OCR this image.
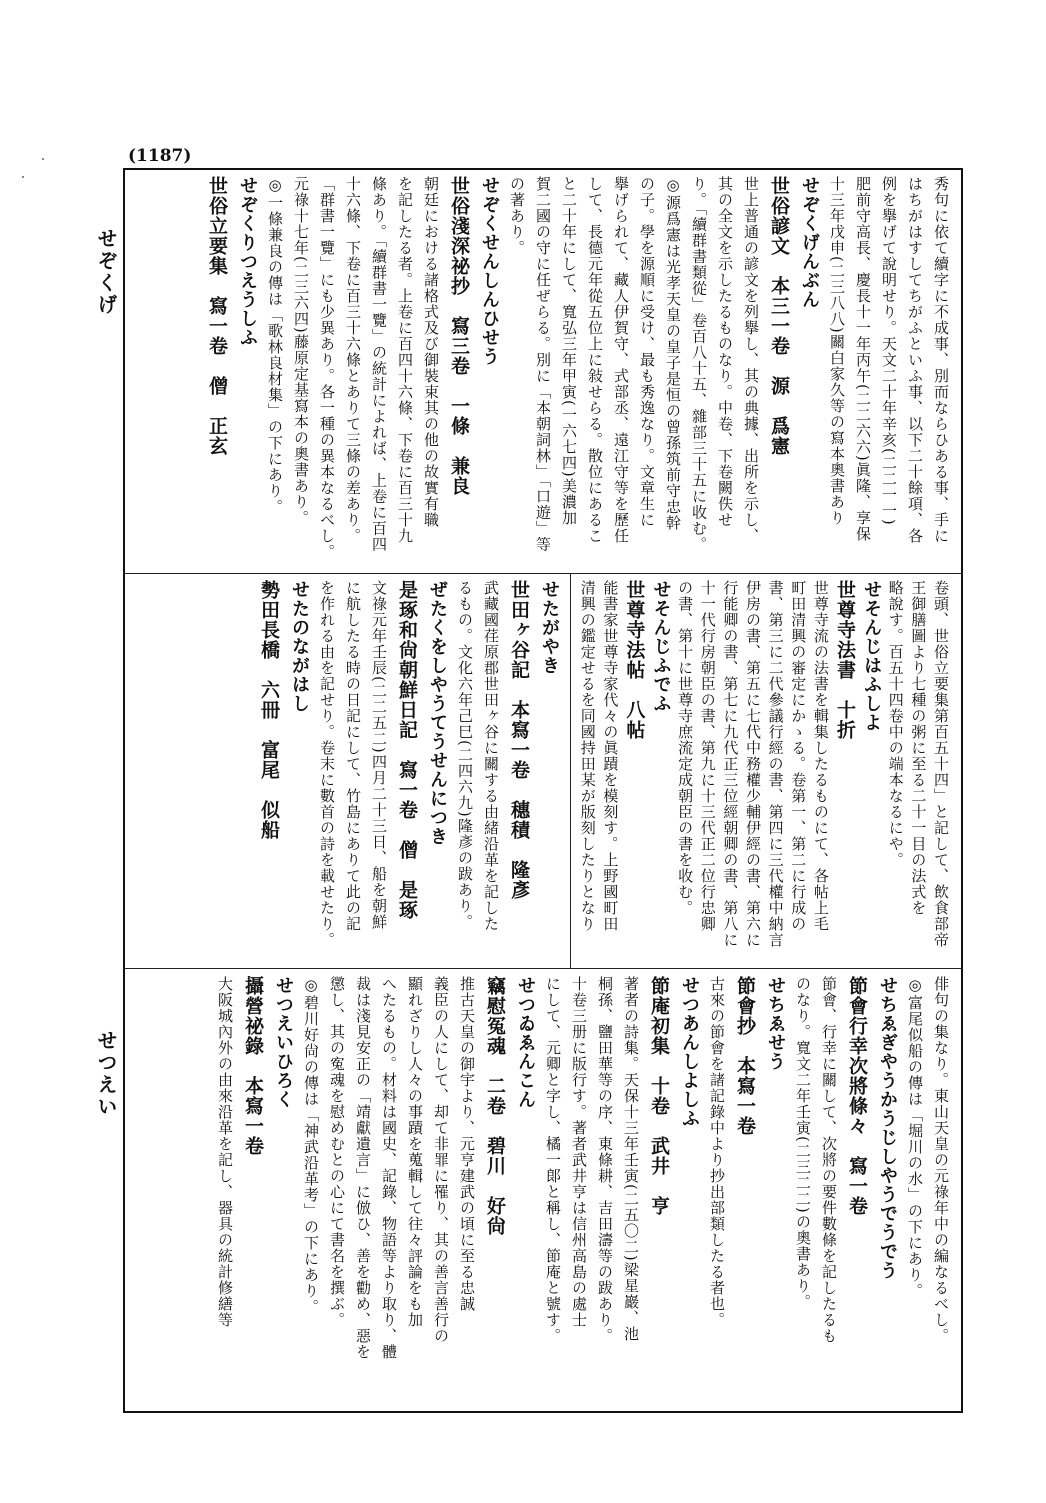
(1187)
せぞくげ
せつえい
秀句に依て續字に不成事、別而ならひある事、手に
はちがはすしてちがふといふ事、以下二十餘項、各
例を擧げて說明せり。天文二十年辛亥(二二一一)
肥前守高長、慶長十一年丙午(二二六六)眞隆、享保
十三年戊申(二三八八)關白家久等の寫本奧書あり
せぞくげんぶん
世俗諺文　本三一卷　源　爲憲
世上普通の諺文を列擧し、其の典據、出所を示し、
其の全文を示したるものなり。中卷、下卷闕佚せ
り。「續群書類從」卷百八十五、雜部三十五に收む。
◎源爲憲は光孝天皇の皇子是恒の曾孫筑前守忠幹
の子。學を源順に受け、最も秀逸なり。文章生に
擧げられて、藏人伊賀守、式部丞、遠江守等を歷任
して、長德元年從五位上に敍せらる。散位にあるこ
と二十年にして、寬弘三年甲寅(一六七四)美濃加
賀二國の守に任ぜらる。別に「本朝詞林」「口遊」等
の著あり。
せぞくせんしんひせう
世俗淺深祕抄　寫三卷　一條　兼良
朝廷における諸格式及び御裝束其の他の故實有職
を記したる者。上卷に百四十六條、下卷に百三十九
條あり。「續群書一覽」の統計によれば、上卷に百四
十六條、下卷に百三十六條とありて三條の差あり。
「群書一覽」にも少異あり。各一種の異本なるべし。
元祿十七年(二三六四)藤原定基寫本の奧書あり。
◎一條兼良の傳は「歌林良材集」の下にあり。
せぞくりつえうしふ
世俗立要集　寫一卷　僧　正玄
卷頭、世俗立要集第百五十四」と記して、飲食部帝
王御膳圖より七種の粥に至る二十一目の法式を
略說す。百五十四卷中の端本なるにや。
せそんじはふしよ
世尊寺法書　十折
世尊寺流の法書を輯集したるものにて、各帖上毛
町田清興の審定にかゝる。卷第一、第二に行成の
書、第三に二代參議行經の書、第四に三代權中納言
伊房の書、第五に七代中務權少輔伊經の書、第六に
行能卿の書、第七に九代正三位經朝卿の書、第八に
十一代行房朝臣の書、第九に十三代正二位行忠卿
の書、第十に世尊寺庶流定成朝臣の書を收む。
せそんじふでふ
世尊寺法帖　八帖
能書家世尊寺家代々の眞蹟を模刻す。上野國町田
清興の鑑定せるを同國持田某が版刻したりとなり
せたがやき
世田ヶ谷記　本寫一卷　穗積　隆彥
武藏國荏原郡世田ヶ谷に關する由緒沿革を記した
るもの。文化六年己巳(二四六九)隆彥の跋あり。
ぜたくをしやうてうせんにつき
是琢和尙朝鮮日記　寫一卷　僧　是琢
文祿元年壬辰(二二五二)四月二十三日、船を朝鮮
に航したる時の日記にして、竹島にありて此の記
を作れる由を記せり。卷末に數首の詩を載せたり。
せたのながはし
勢田長橋　六冊　富尾　似船
俳句の集なり。東山天皇の元祿年中の編なるべし。
◎富尾似船の傳は「堀川の水」の下にあり。
せちゑぎやうかうじしやうでうでう
節會行幸次將條々　寫一卷
節會、行幸に關して、次將の要件數條を記したるも
のなり。寬文二年壬寅(二三二二)の奧書あり。
せちゑせう
節會抄　本寫一卷
古來の節會を諸記錄中より抄出部類したる者也。
せつあんしよしふ
節庵初集　十卷　武井　亨
著者の詩集。天保十三年壬寅(二五〇二)梁星巖、池
桐孫、鹽田華等の序、東條耕、吉田濤等の跋あり。
十卷三册に版行す。著者武井亨は信州高島の處士
にして、元卿と字し、橘一郞と稱し、節庵と號す。
せつゐゑんこん
竊慰冤魂　二卷　碧川　好尙
推古天皇の御宇より、元亨建武の頃に至る忠誠
義臣の人にして、却て非罪に罹り、其の善言善行の
顯れざりし人々の事蹟を蒐輯して往々評論をも加
へたるもの。材料は國史、記錄、物語等より取り、體
裁は淺見安正の「靖獻遺言」に倣ひ、善を勸め、惡を
懲し、其の寃魂を慰めむとの心にて書名を撰ぶ。
◎碧川好尙の傳は「神武沿革考」の下にあり。
せつえいひろく
攝營祕錄　本寫一卷
大阪城內外の由來沿革を記し、器具の統計修繕等
